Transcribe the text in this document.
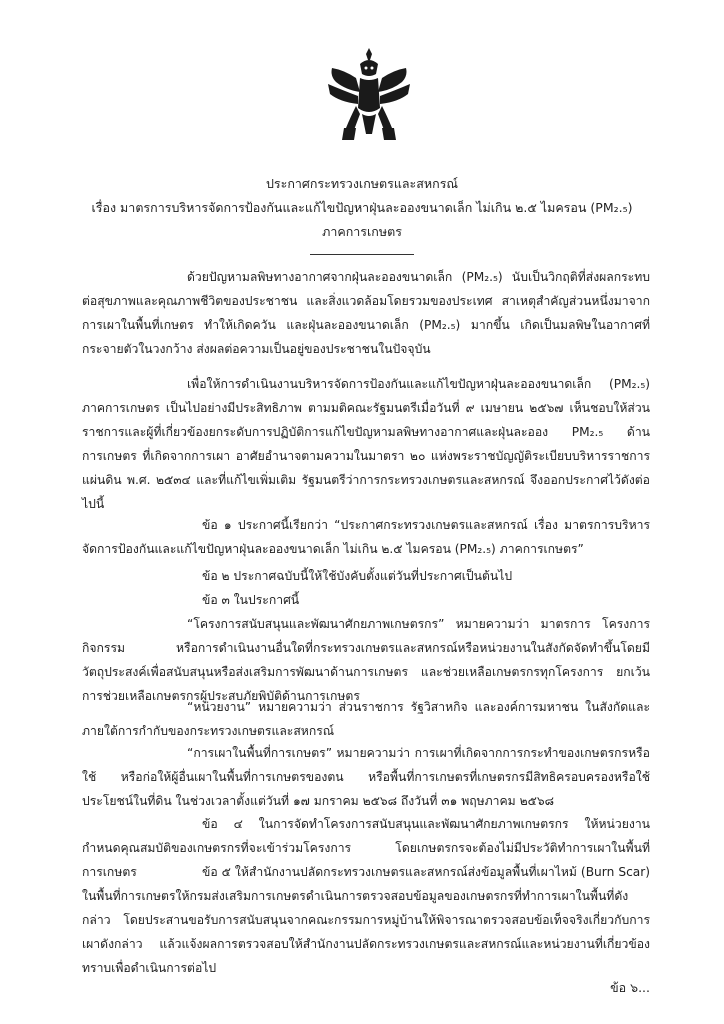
ประกาศกระทรวงเกษตรและสหกรณ์
เรื่อง มาตรการบริหารจัดการป้องกันและแก้ไขปัญหาฝุ่นละอองขนาดเล็ก ไม่เกิน ๒.๕ ไมครอน (PM₂.₅)
ภาคการเกษตร

ด้วยปัญหามลพิษทางอากาศจากฝุ่นละอองขนาดเล็ก (PM₂.₅) นับเป็นวิกฤติที่ส่งผลกระทบต่อสุขภาพและคุณภาพชีวิตของประชาชน และสิ่งแวดล้อมโดยรวมของประเทศ สาเหตุสำคัญส่วนหนึ่งมาจากการเผาในพื้นที่เกษตร ทำให้เกิดควัน และฝุ่นละอองขนาดเล็ก (PM₂.₅) มากขึ้น เกิดเป็นมลพิษในอากาศที่กระจายตัวในวงกว้าง ส่งผลต่อความเป็นอยู่ของประชาชนในปัจจุบัน

เพื่อให้การดำเนินงานบริหารจัดการป้องกันและแก้ไขปัญหาฝุ่นละอองขนาดเล็ก (PM₂.₅) ภาคการเกษตร เป็นไปอย่างมีประสิทธิภาพ ตามมติคณะรัฐมนตรีเมื่อวันที่ ๙ เมษายน ๒๕๖๗ เห็นชอบให้ส่วนราชการและผู้ที่เกี่ยวข้องยกระดับการปฏิบัติการแก้ไขปัญหามลพิษทางอากาศและฝุ่นละออง PM₂.₅ ด้านการเกษตร ที่เกิดจากการเผา อาศัยอำนาจตามความในมาตรา ๒๐ แห่งพระราชบัญญัติระเบียบบริหารราชการแผ่นดิน พ.ศ. ๒๕๓๔ และที่แก้ไขเพิ่มเติม รัฐมนตรีว่าการกระทรวงเกษตรและสหกรณ์ จึงออกประกาศไว้ดังต่อไปนี้

ข้อ ๑ ประกาศนี้เรียกว่า “ประกาศกระทรวงเกษตรและสหกรณ์ เรื่อง มาตรการบริหารจัดการป้องกันและแก้ไขปัญหาฝุ่นละอองขนาดเล็ก ไม่เกิน ๒.๕ ไมครอน (PM₂.₅) ภาคการเกษตร”

ข้อ ๒ ประกาศฉบับนี้ให้ใช้บังคับตั้งแต่วันที่ประกาศเป็นต้นไป

ข้อ ๓ ในประกาศนี้

“โครงการสนับสนุนและพัฒนาศักยภาพเกษตรกร” หมายความว่า มาตรการ โครงการ กิจกรรม หรือการดำเนินงานอื่นใดที่กระทรวงเกษตรและสหกรณ์หรือหน่วยงานในสังกัดจัดทำขึ้นโดยมีวัตถุประสงค์เพื่อสนับสนุนหรือส่งเสริมการพัฒนาด้านการเกษตร และช่วยเหลือเกษตรกรทุกโครงการ ยกเว้นการช่วยเหลือเกษตรกรผู้ประสบภัยพิบัติด้านการเกษตร

“หน่วยงาน” หมายความว่า ส่วนราชการ รัฐวิสาหกิจ และองค์การมหาชน ในสังกัดและภายใต้การกำกับของกระทรวงเกษตรและสหกรณ์

“การเผาในพื้นที่การเกษตร” หมายความว่า การเผาที่เกิดจากการกระทำของเกษตรกรหรือใช้ หรือก่อให้ผู้อื่นเผาในพื้นที่การเกษตรของตน หรือพื้นที่การเกษตรที่เกษตรกรมีสิทธิครอบครองหรือใช้ประโยชน์ในที่ดิน ในช่วงเวลาตั้งแต่วันที่ ๑๗ มกราคม ๒๕๖๘ ถึงวันที่ ๓๑ พฤษภาคม ๒๕๖๘

ข้อ ๔ ในการจัดทำโครงการสนับสนุนและพัฒนาศักยภาพเกษตรกร ให้หน่วยงานกำหนดคุณสมบัติของเกษตรกรที่จะเข้าร่วมโครงการ โดยเกษตรกรจะต้องไม่มีประวัติทำการเผาในพื้นที่การเกษตร	ข้อ ๕ ให้สำนักงานปลัดกระทรวงเกษตรและสหกรณ์ส่งข้อมูลพื้นที่เผาไหม้ (Burn Scar) ในพื้นที่การเกษตรให้กรมส่งเสริมการเกษตรดำเนินการตรวจสอบข้อมูลของเกษตรกรที่ทำการเผาในพื้นที่ดังกล่าว โดยประสานขอรับการสนับสนุนจากคณะกรรมการหมู่บ้านให้พิจารณาตรวจสอบข้อเท็จจริงเกี่ยวกับการเผาดังกล่าว แล้วแจ้งผลการตรวจสอบให้สำนักงานปลัดกระทรวงเกษตรและสหกรณ์และหน่วยงานที่เกี่ยวข้องทราบเพื่อดำเนินการต่อไป

ข้อ ๖...
